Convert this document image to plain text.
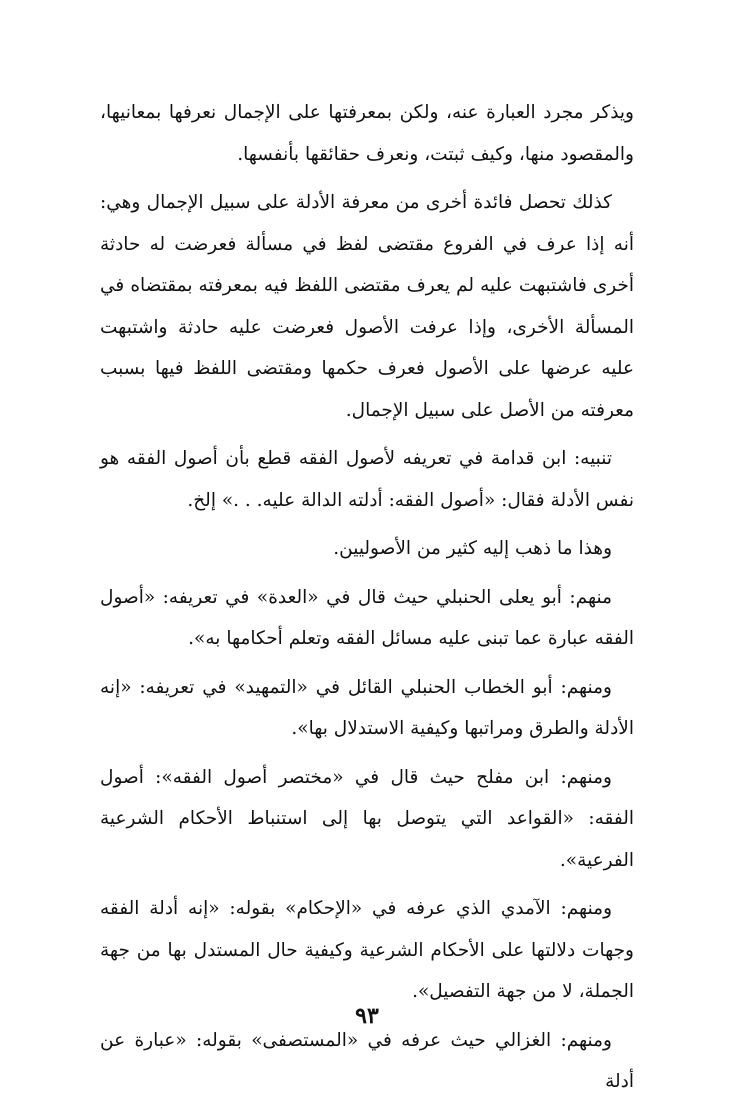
ويذكر مجرد العبارة عنه، ولكن بمعرفتها على الإجمال نعرفها بمعانيها، والمقصود منها، وكيف ثبتت، ونعرف حقائقها بأنفسها.

كذلك تحصل فائدة أخرى من معرفة الأدلة على سبيل الإجمال وهي: أنه إذا عرف في الفروع مقتضى لفظ في مسألة فعرضت له حادثة أخرى فاشتبهت عليه لم يعرف مقتضى اللفظ فيه بمعرفته بمقتضاه في المسألة الأخرى، وإذا عرفت الأصول فعرضت عليه حادثة واشتبهت عليه عرضها على الأصول فعرف حكمها ومقتضى اللفظ فيها بسبب معرفته من الأصل على سبيل الإجمال.

تنبيه: ابن قدامة في تعريفه لأصول الفقه قطع بأن أصول الفقه هو نفس الأدلة فقال: «أصول الفقه: أدلته الدالة عليه. . .» إلخ.

وهذا ما ذهب إليه كثير من الأصوليين.

منهم: أبو يعلى الحنبلي حيث قال في «العدة» في تعريفه: «أصول الفقه عبارة عما تبنى عليه مسائل الفقه وتعلم أحكامها به».

ومنهم: أبو الخطاب الحنبلي القائل في «التمهيد» في تعريفه: «إنه الأدلة والطرق ومراتبها وكيفية الاستدلال بها».

ومنهم: ابن مفلح حيث قال في «مختصر أصول الفقه»: أصول الفقه: «القواعد التي يتوصل بها إلى استنباط الأحكام الشرعية الفرعية».

ومنهم: الآمدي الذي عرفه في «الإحكام» بقوله: «إنه أدلة الفقه وجهات دلالتها على الأحكام الشرعية وكيفية حال المستدل بها من جهة الجملة، لا من جهة التفصيل».

ومنهم: الغزالي حيث عرفه في «المستصفى» بقوله: «عبارة عن أدلة

٩٣
